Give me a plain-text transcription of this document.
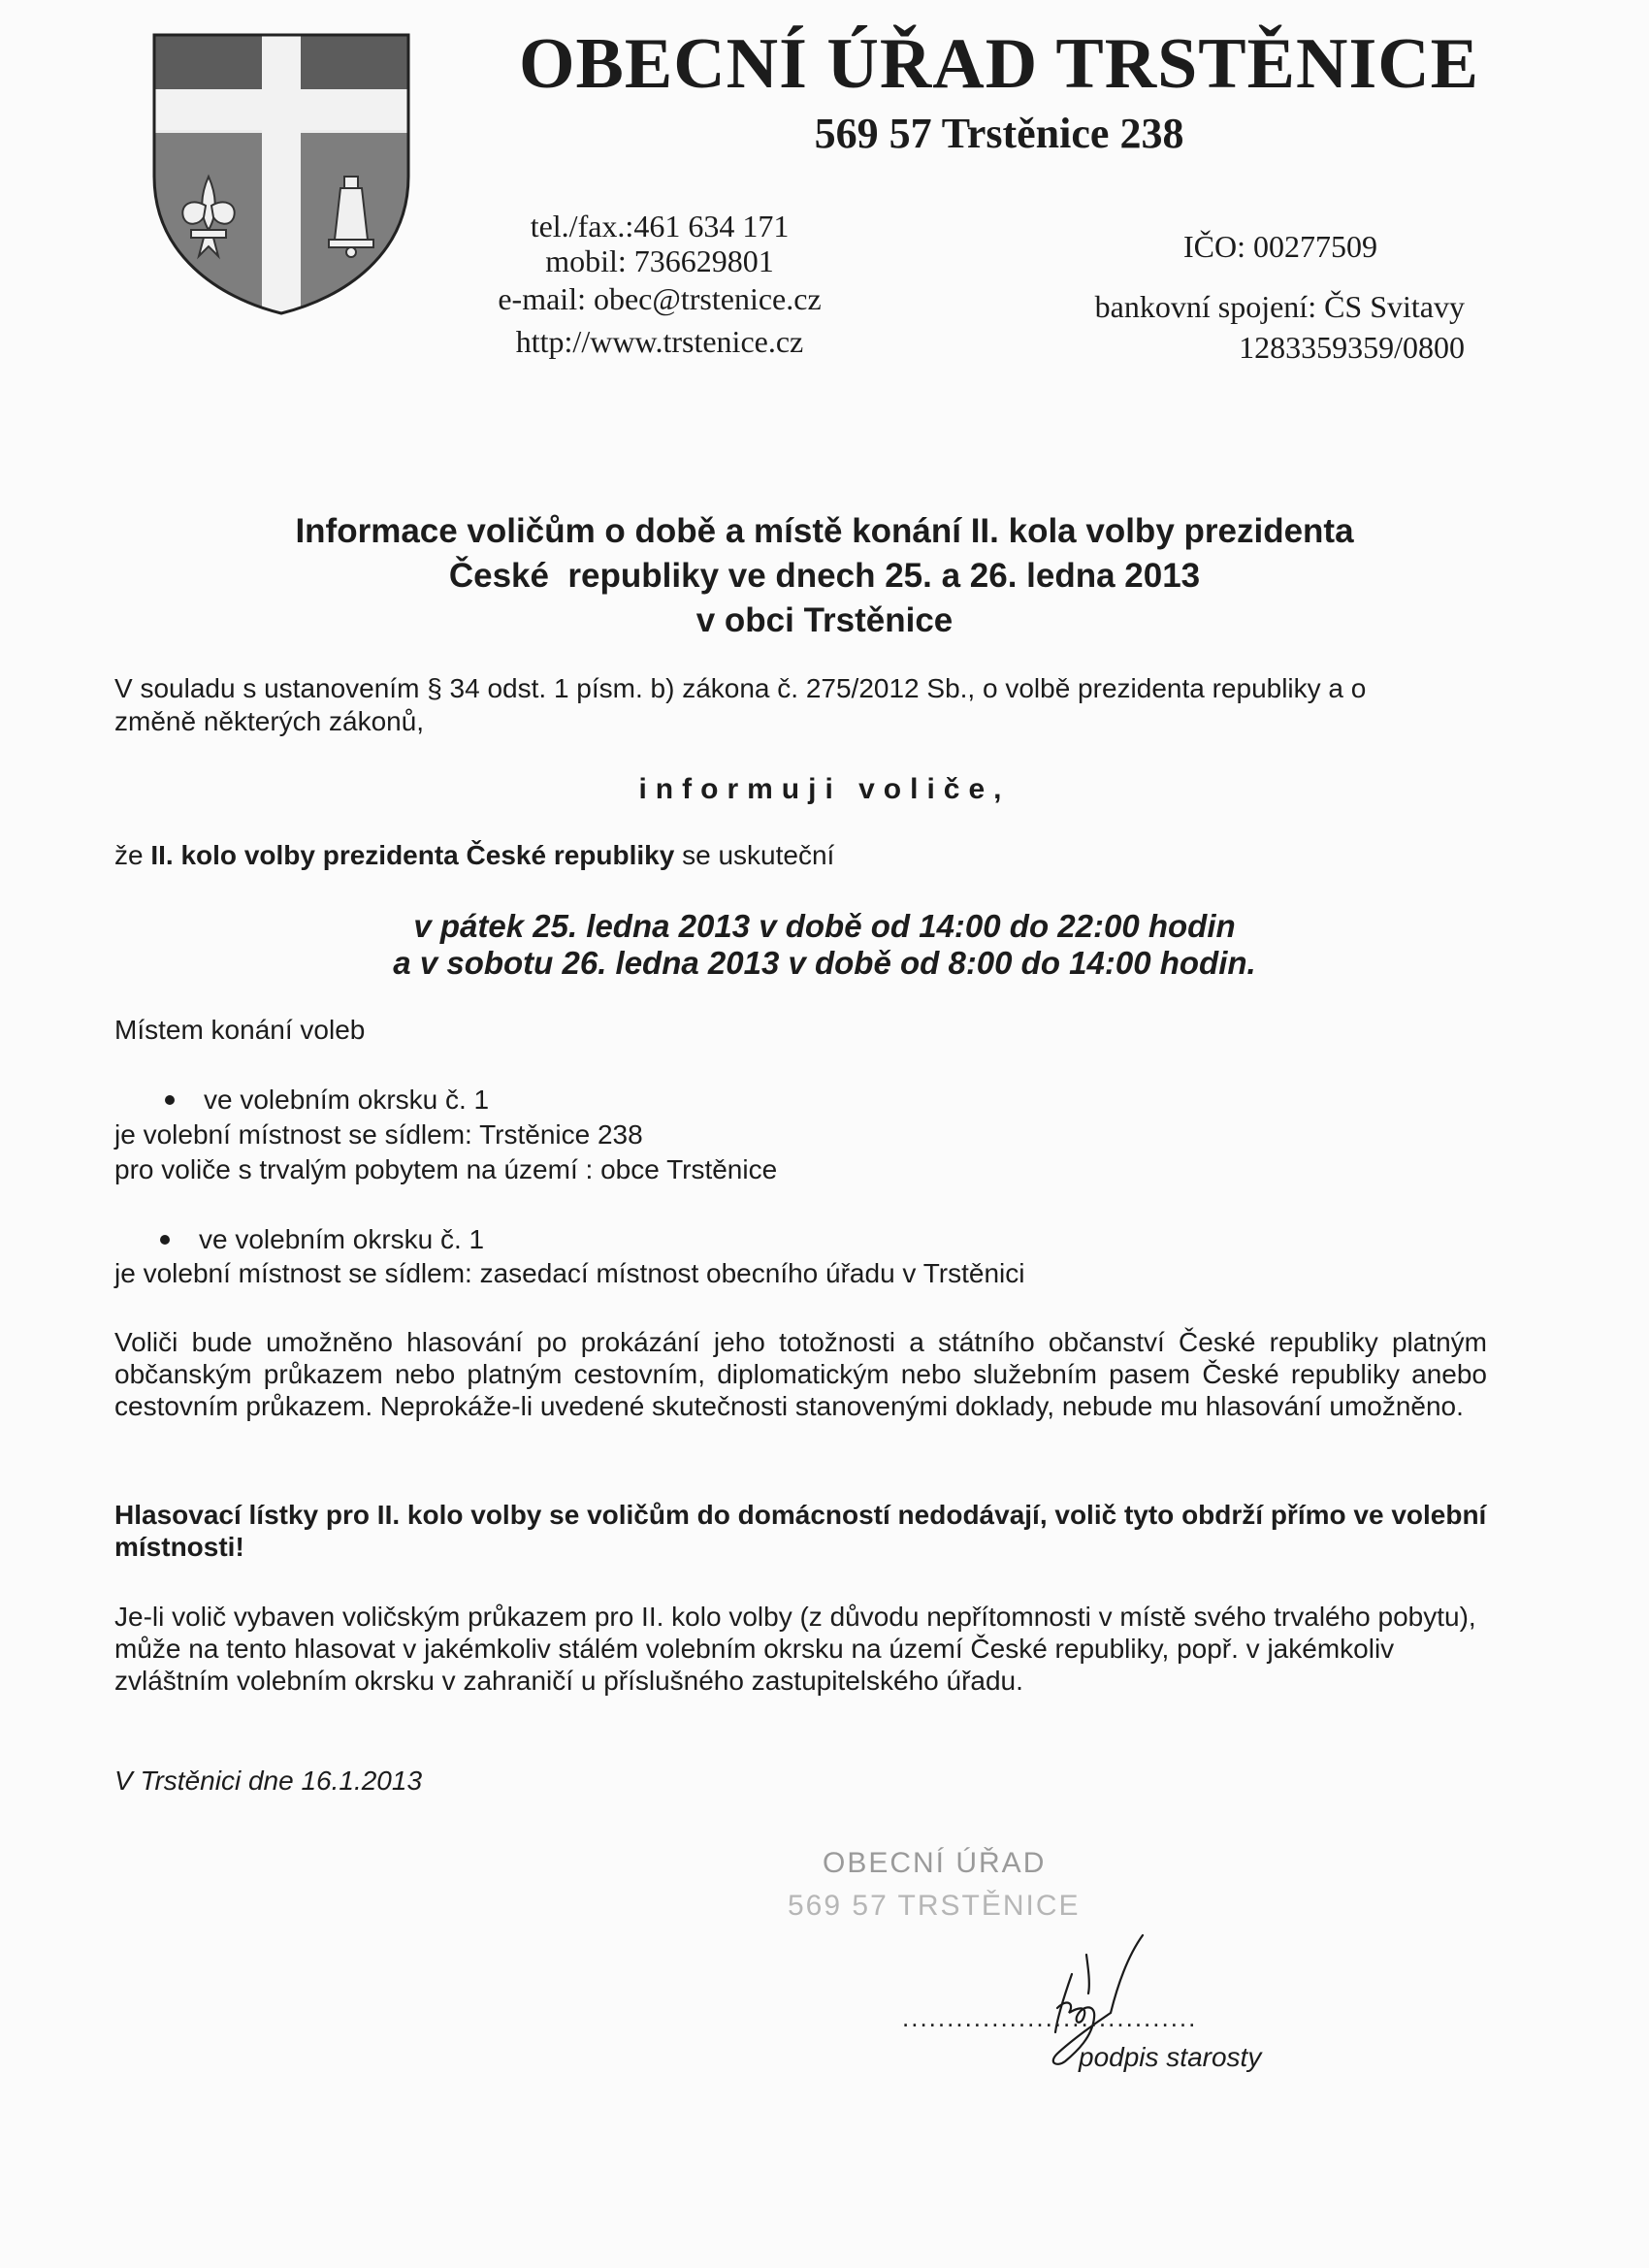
OBECNÍ ÚŘAD TRSTĚNICE
569 57 Trstěnice 238
tel./fax.:461 634 171
mobil: 736629801
e-mail: obec@trstenice.cz
http://www.trstenice.cz
IČO: 00277509
bankovní spojení: ČS Svitavy
1283359359/0800
Informace voličům o době a místě konání II. kola volby prezidenta
České  republiky ve dnech 25. a 26. ledna 2013
v obci Trstěnice
V souladu s ustanovením § 34 odst. 1 písm. b) zákona č. 275/2012 Sb., o volbě prezidenta republiky a o
změně některých zákonů,
informuji voliče,
že II. kolo volby prezidenta České republiky se uskuteční
v pátek 25. ledna 2013 v době od 14:00 do 22:00 hodin
a v sobotu 26. ledna 2013 v době od 8:00 do 14:00 hodin.
Místem konání voleb
ve volebním okrsku č. 1
je volební místnost se sídlem: Trstěnice 238
pro voliče s trvalým pobytem na území : obce Trstěnice
ve volebním okrsku č. 1
je volební místnost se sídlem: zasedací místnost obecního úřadu v Trstěnici
Voliči bude umožněno hlasování po prokázání jeho totožnosti a státního občanství České republiky platným občanským průkazem nebo platným cestovním, diplomatickým nebo služebním pasem České republiky anebo cestovním průkazem. Neprokáže-li uvedené skutečnosti stanovenými doklady, nebude mu hlasování umožněno.
Hlasovací lístky pro II. kolo volby se voličům do domácností nedodávají, volič tyto obdrží přímo ve volební místnosti!
Je-li volič vybaven voličským průkazem pro II. kolo volby (z důvodu nepřítomnosti v místě svého trvalého pobytu), může na tento hlasovat v jakémkoliv stálém volebním okrsku na území České republiky, popř. v jakémkoliv zvláštním volebním okrsku v zahraničí u příslušného zastupitelského úřadu.
V Trstěnici dne 16.1.2013
OBECNÍ ÚŘAD
569 57 TRSTĚNICE
.................................
podpis starosty
